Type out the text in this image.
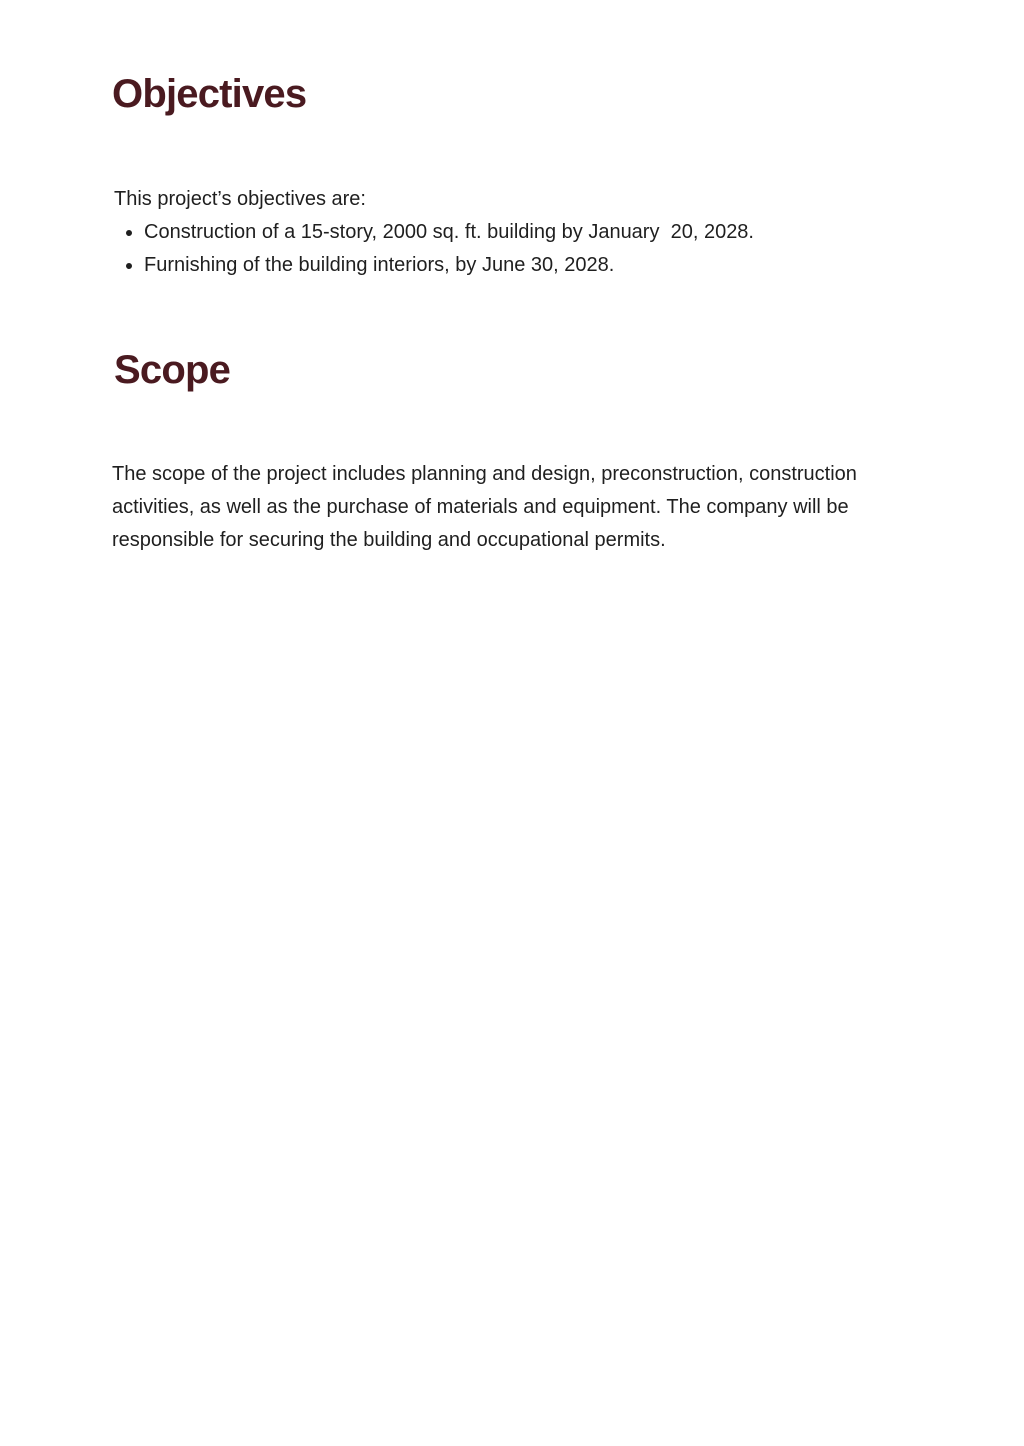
Objectives

This project’s objectives are:

Construction of a 15-story, 2000 sq. ft. building by January  20, 2028.
Furnishing of the building interiors, by June 30, 2028.
Scope

The scope of the project includes planning and design, preconstruction, construction activities, as well as the purchase of materials and equipment. The company will be responsible for securing the building and occupational permits.
